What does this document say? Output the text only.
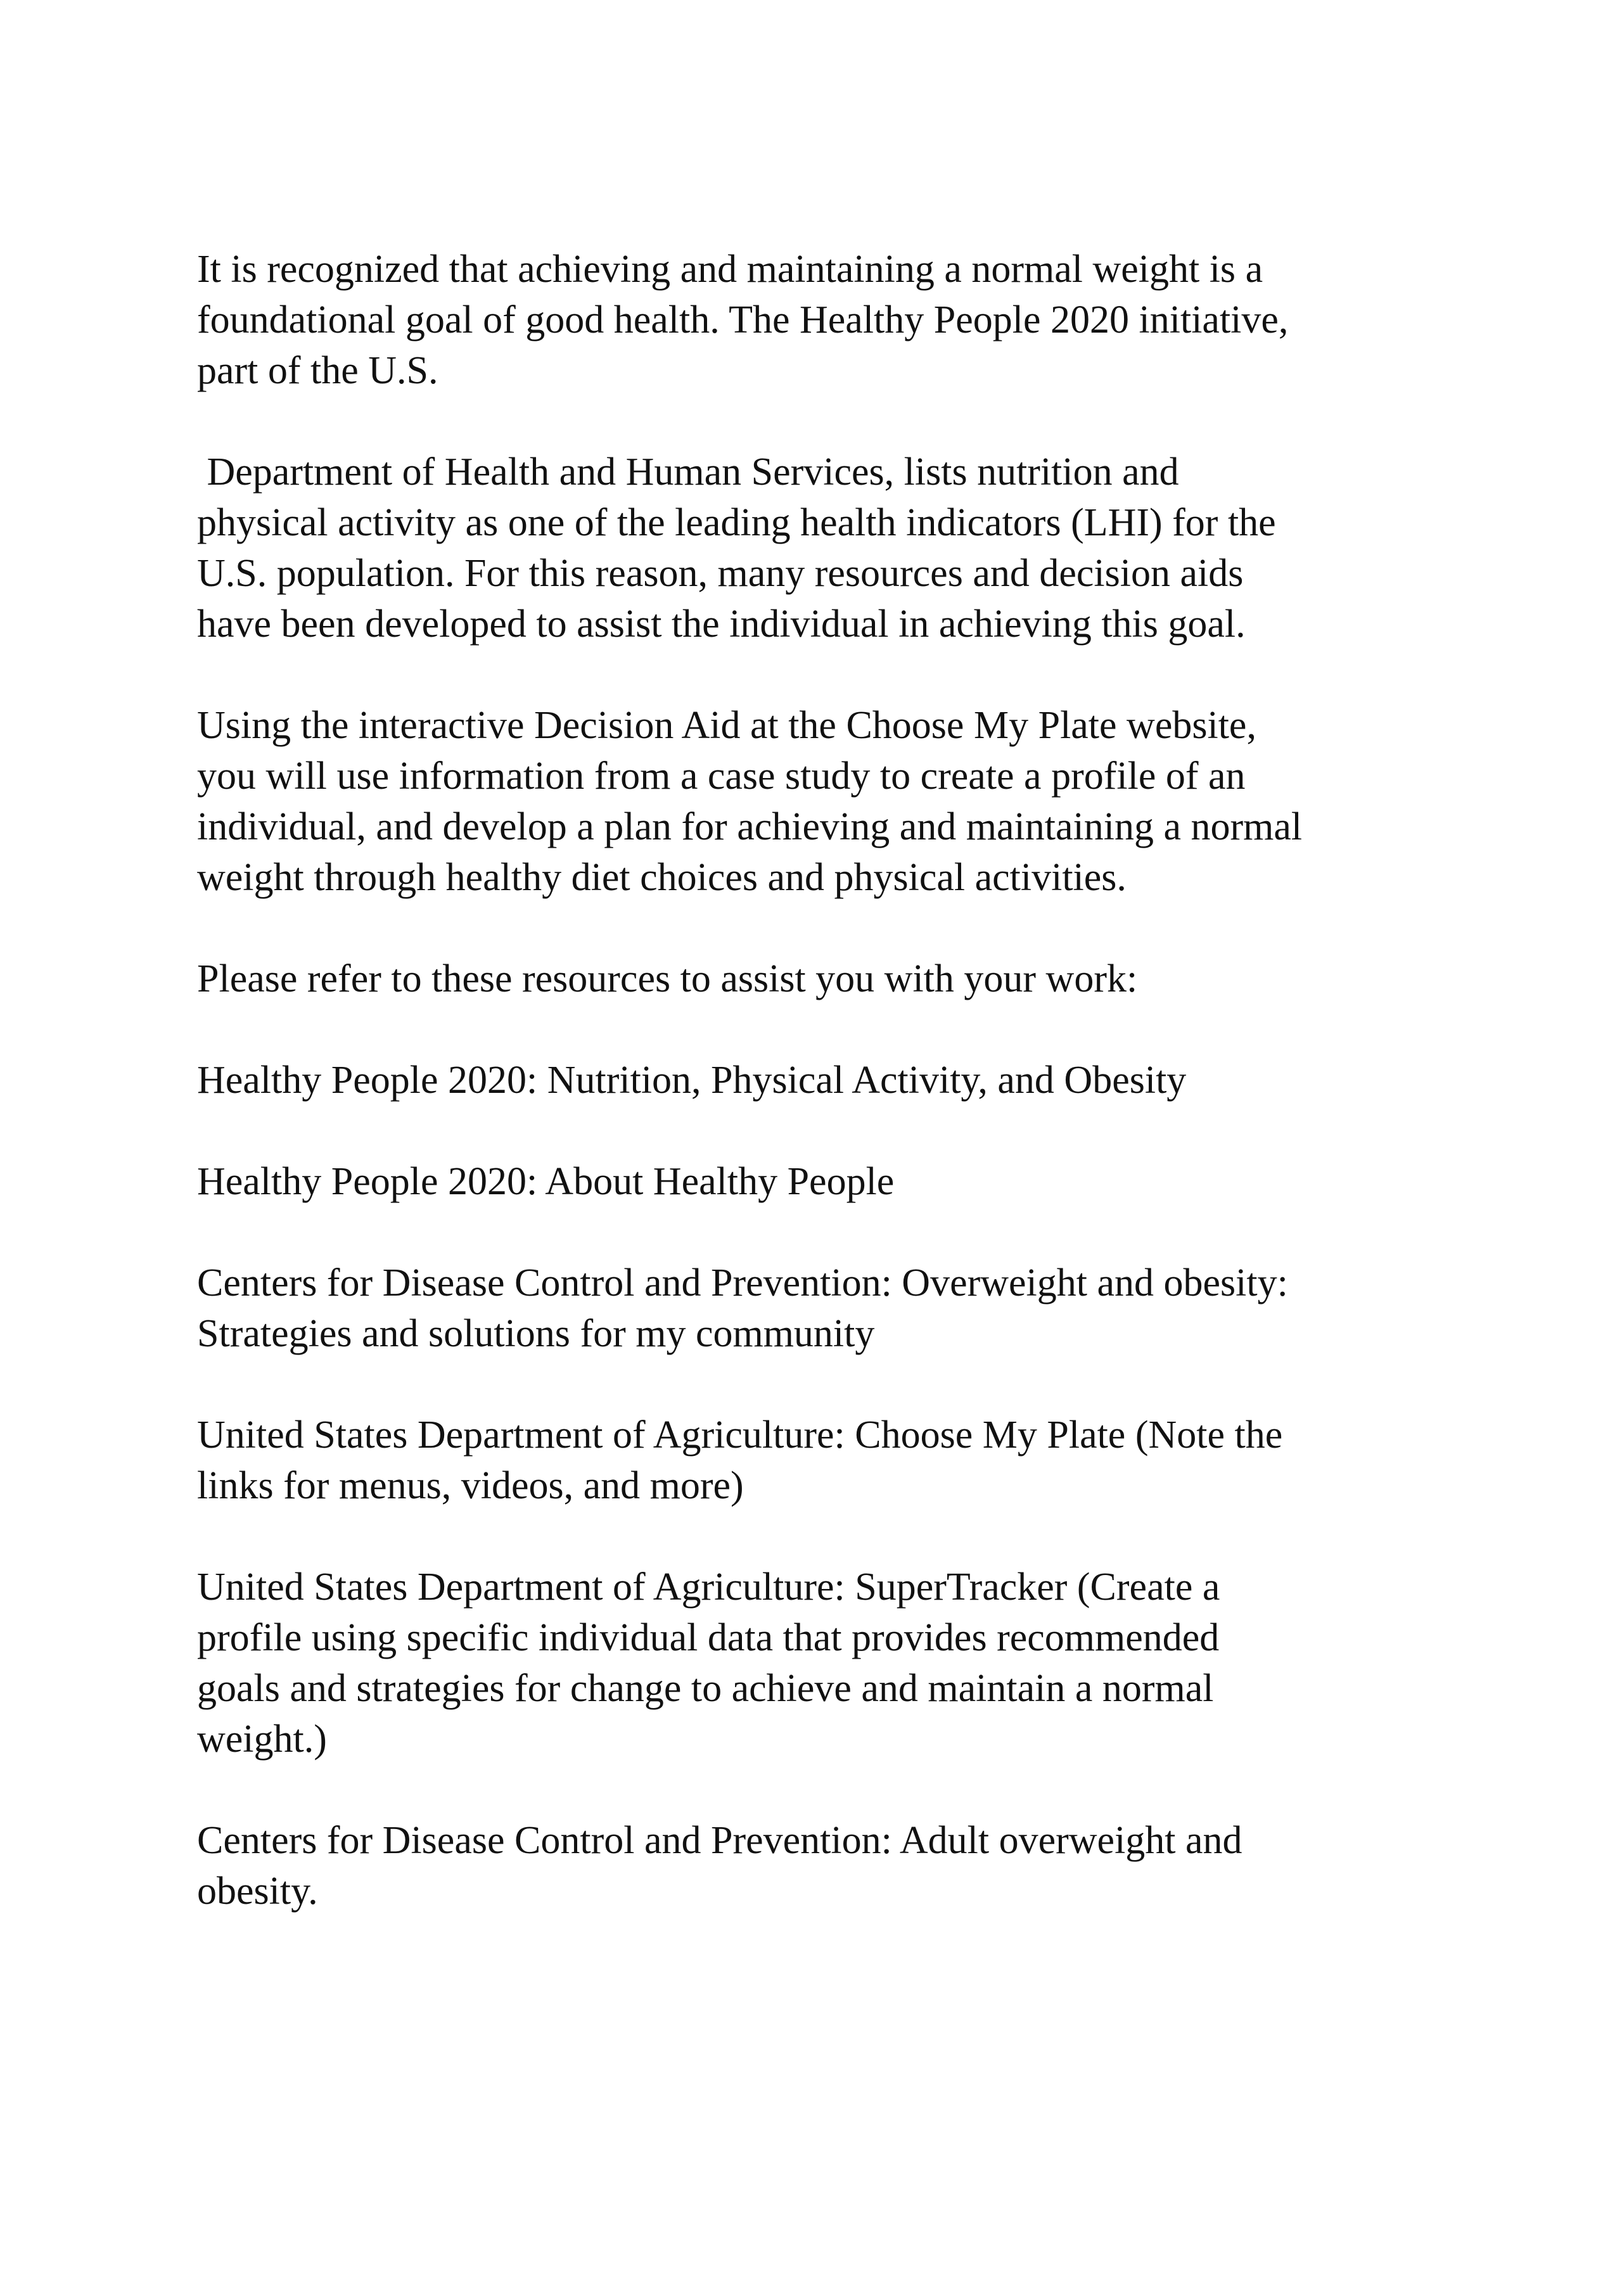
It is recognized that achieving and maintaining a normal weight is a
foundational goal of good health. The Healthy People 2020 initiative,
part of the U.S.

Department of Health and Human Services, lists nutrition and
physical activity as one of the leading health indicators (LHI) for the
U.S. population. For this reason, many resources and decision aids
have been developed to assist the individual in achieving this goal.

Using the interactive Decision Aid at the Choose My Plate website,
you will use information from a case study to create a profile of an
individual, and develop a plan for achieving and maintaining a normal
weight through healthy diet choices and physical activities.

Please refer to these resources to assist you with your work:

Healthy People 2020: Nutrition, Physical Activity, and Obesity

Healthy People 2020: About Healthy People

Centers for Disease Control and Prevention: Overweight and obesity:
Strategies and solutions for my community

United States Department of Agriculture: Choose My Plate (Note the
links for menus, videos, and more)

United States Department of Agriculture: SuperTracker (Create a
profile using specific individual data that provides recommended
goals and strategies for change to achieve and maintain a normal
weight.)

Centers for Disease Control and Prevention: Adult overweight and
obesity.
